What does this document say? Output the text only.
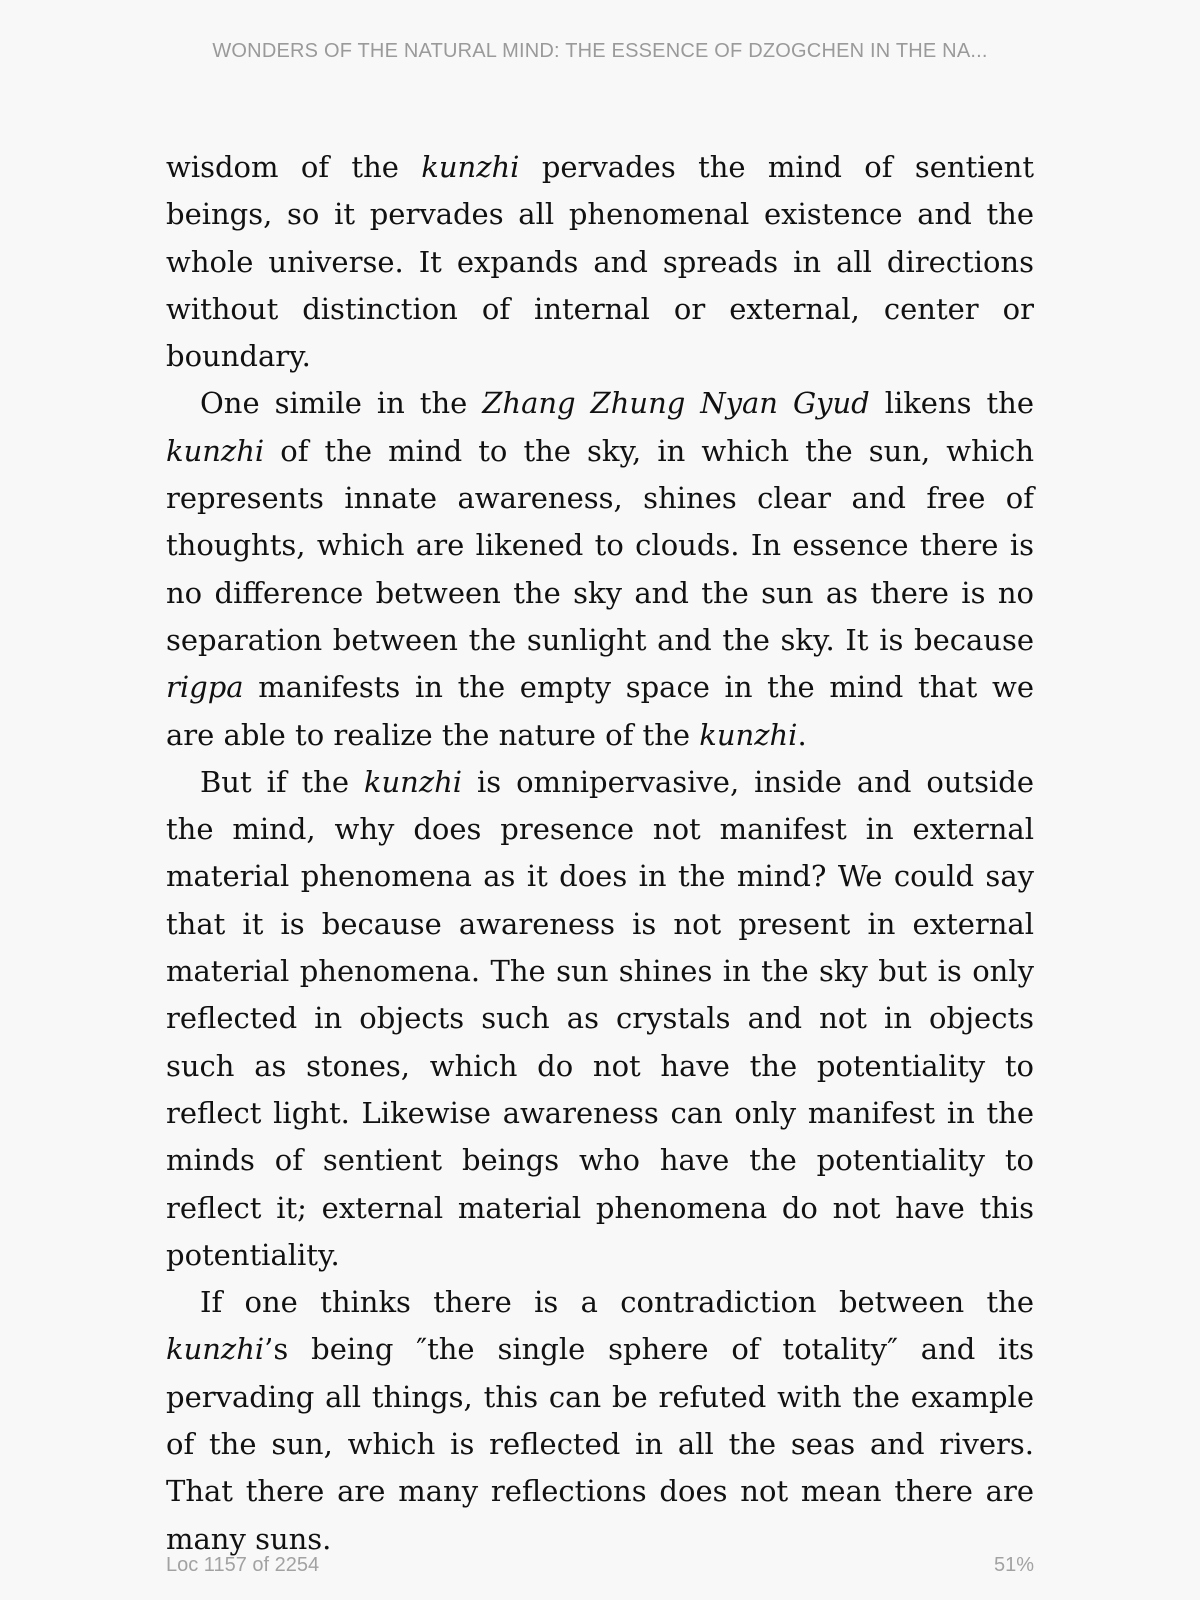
WONDERS OF THE NATURAL MIND: THE ESSENCE OF DZOGCHEN IN THE NA...

wisdom of the kunzhi pervades the mind of sentient beings, so it pervades all phenomenal existence and the whole universe. It expands and spreads in all directions without distinction of internal or external, center or boundary.

One simile in the Zhang Zhung Nyan Gyud likens the kunzhi of the mind to the sky, in which the sun, which represents innate awareness, shines clear and free of thoughts, which are likened to clouds. In essence there is no difference between the sky and the sun as there is no separation between the sunlight and the sky. It is because rigpa manifests in the empty space in the mind that we are able to realize the nature of the kunzhi.

But if the kunzhi is omnipervasive, inside and outside the mind, why does presence not manifest in external material phenomena as it does in the mind? We could say that it is because awareness is not present in external material phenomena. The sun shines in the sky but is only reflected in objects such as crystals and not in objects such as stones, which do not have the potentiality to reflect light. Likewise awareness can only manifest in the minds of sentient beings who have the potentiality to reflect it; external material phenomena do not have this potentiality.

If one thinks there is a contradiction between the kunzhi’s being ″the single sphere of totality″ and its pervading all things, this can be refuted with the example of the sun, which is reflected in all the seas and rivers. That there are many reflections does not mean there are many suns.

Loc 1157 of 2254	51%
